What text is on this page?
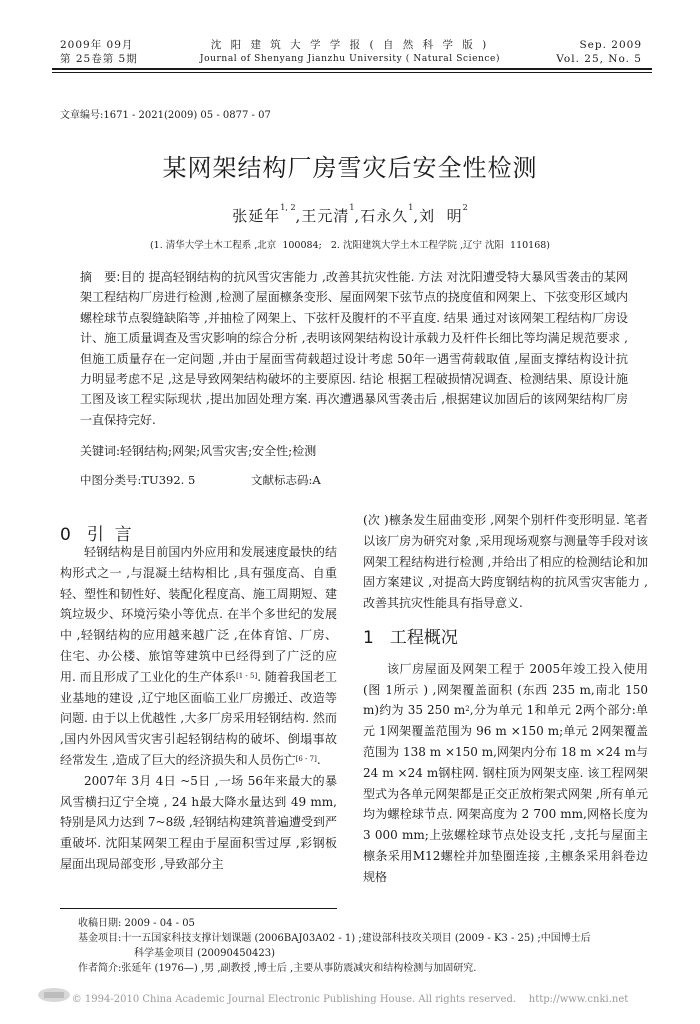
2009年 09月
第 25卷第 5期
沈 阳 建 筑 大 学 学 报 ( 自 然 科 学 版 )
Journal of Shenyang Jianzhu University ( Natural Science)
Sep. 2009
Vol. 25, No. 5
文章编号:1671 - 2021(2009) 05 - 0877 - 07
某网架结构厂房雪灾后安全性检测
张延年$^{1, 2}$,王元清$^1$,石永久$^1$,刘  明$^2$
(1. 清华大学土木工程系 ,北京  100084;   2. 沈阳建筑大学土木工程学院 ,辽宁 沈阳  110168)
摘　要:目的 提高轻钢结构的抗风雪灾害能力 ,改善其抗灾性能. 方法 对沈阳遭受特大暴风雪袭击的某网架工程结构厂房进行检测 ,检测了屋面檩条变形、屋面网架下弦节点的挠度值和网架上、下弦变形区域内螺栓球节点裂缝缺陷等 ,并抽检了网架上、下弦杆及腹杆的不平直度. 结果 通过对该网架工程结构厂房设计、施工质量调查及雪灾影响的综合分析 ,表明该网架结构设计承载力及杆件长细比等均满足规范要求 ,但施工质量存在一定问题 ,并由于屋面雪荷载超过设计考虑 50年一遇雪荷载取值 ,屋面支撑结构设计抗力明显考虑不足 ,这是导致网架结构破坏的主要原因. 结论 根据工程破损情况调查、检测结果、原设计施工图及该工程实际现状 ,提出加固处理方案. 再次遭遇暴风雪袭击后 ,根据建议加固后的该网架结构厂房一直保持完好.
关键词:轻钢结构;网架;风雪灾害;安全性;检测
中图分类号:TU392. 5	文献标志码:A
0 引  言

轻钢结构是目前国内外应用和发展速度最快的结构形式之一 ,与混凝土结构相比 ,具有强度高、自重轻、塑性和韧性好、装配化程度高、施工周期短、建筑垃圾少、环境污染小等优点. 在半个多世纪的发展中 ,轻钢结构的应用越来越广泛 ,在体育馆、厂房、住宅、办公楼、旅馆等建筑中已经得到了广泛的应用. 而且形成了工业化的生产体系[1 - 5]. 随着我国老工业基地的建设 ,辽宁地区面临工业厂房搬迁、改造等问题. 由于以上优越性 ,大多厂房采用轻钢结构. 然而 ,国内外因风雪灾害引起轻钢结构的破坏、倒塌事故经常发生 ,造成了巨大的经济损失和人员伤亡[6 - 7].

2007年 3月 4日 ~5日 ,一场 56年来最大的暴风雪横扫辽宁全境 , 24 h最大降水量达到 49 mm,特别是风力达到 7~8级 ,轻钢结构建筑普遍遭受到严重破坏. 沈阳某网架工程由于屋面积雪过厚 ,彩钢板屋面出现局部变形 ,导致部分主

(次 )檩条发生屈曲变形 ,网架个别杆件变形明显. 笔者以该厂房为研究对象 ,采用现场观察与测量等手段对该网架工程结构进行检测 ,并给出了相应的检测结论和加固方案建议 ,对提高大跨度钢结构的抗风雪灾害能力 ,改善其抗灾性能具有指导意义.

1 工程概况

该厂房屋面及网架工程于 2005年竣工投入使用 (图 1所示 ) ,网架覆盖面积 (东西 235 m,南北 150 m)约为 35 250 $m^2$,分为单元 1和单元 2两个部分:单元 1网架覆盖范围为 96 m ×150 m;单元 2网架覆盖范围为 138 m ×150 m,网架内分布 18 m ×24 m与 24 m ×24 m钢柱网. 钢柱顶为网架支座. 该工程网架型式为各单元网架都是正交正放桁架式网架 ,所有单元均为螺栓球节点. 网架高度为 2 700 mm,网格长度为 3 000 mm;上弦螺栓球节点处设支托 ,支托与屋面主檩条采用M12螺栓并加垫圈连接 ,主檩条采用斜卷边规格

收稿日期: 2009 - 04 - 05
基金项目:十一五国家科技支撑计划课题 (2006BAJ03A02 - 1) ;建设部科技攻关项目 (2009 - K3 - 25) ;中国博士后
科学基金项目 (20090450423)
作者简介:张延年 (1976—) ,男 ,副教授 ,博士后 ,主要从事防震减灾和结构检测与加固研究.
© 1994-2010 China Academic Journal Electronic Publishing House. All rights reserved.    http://www.cnki.net
